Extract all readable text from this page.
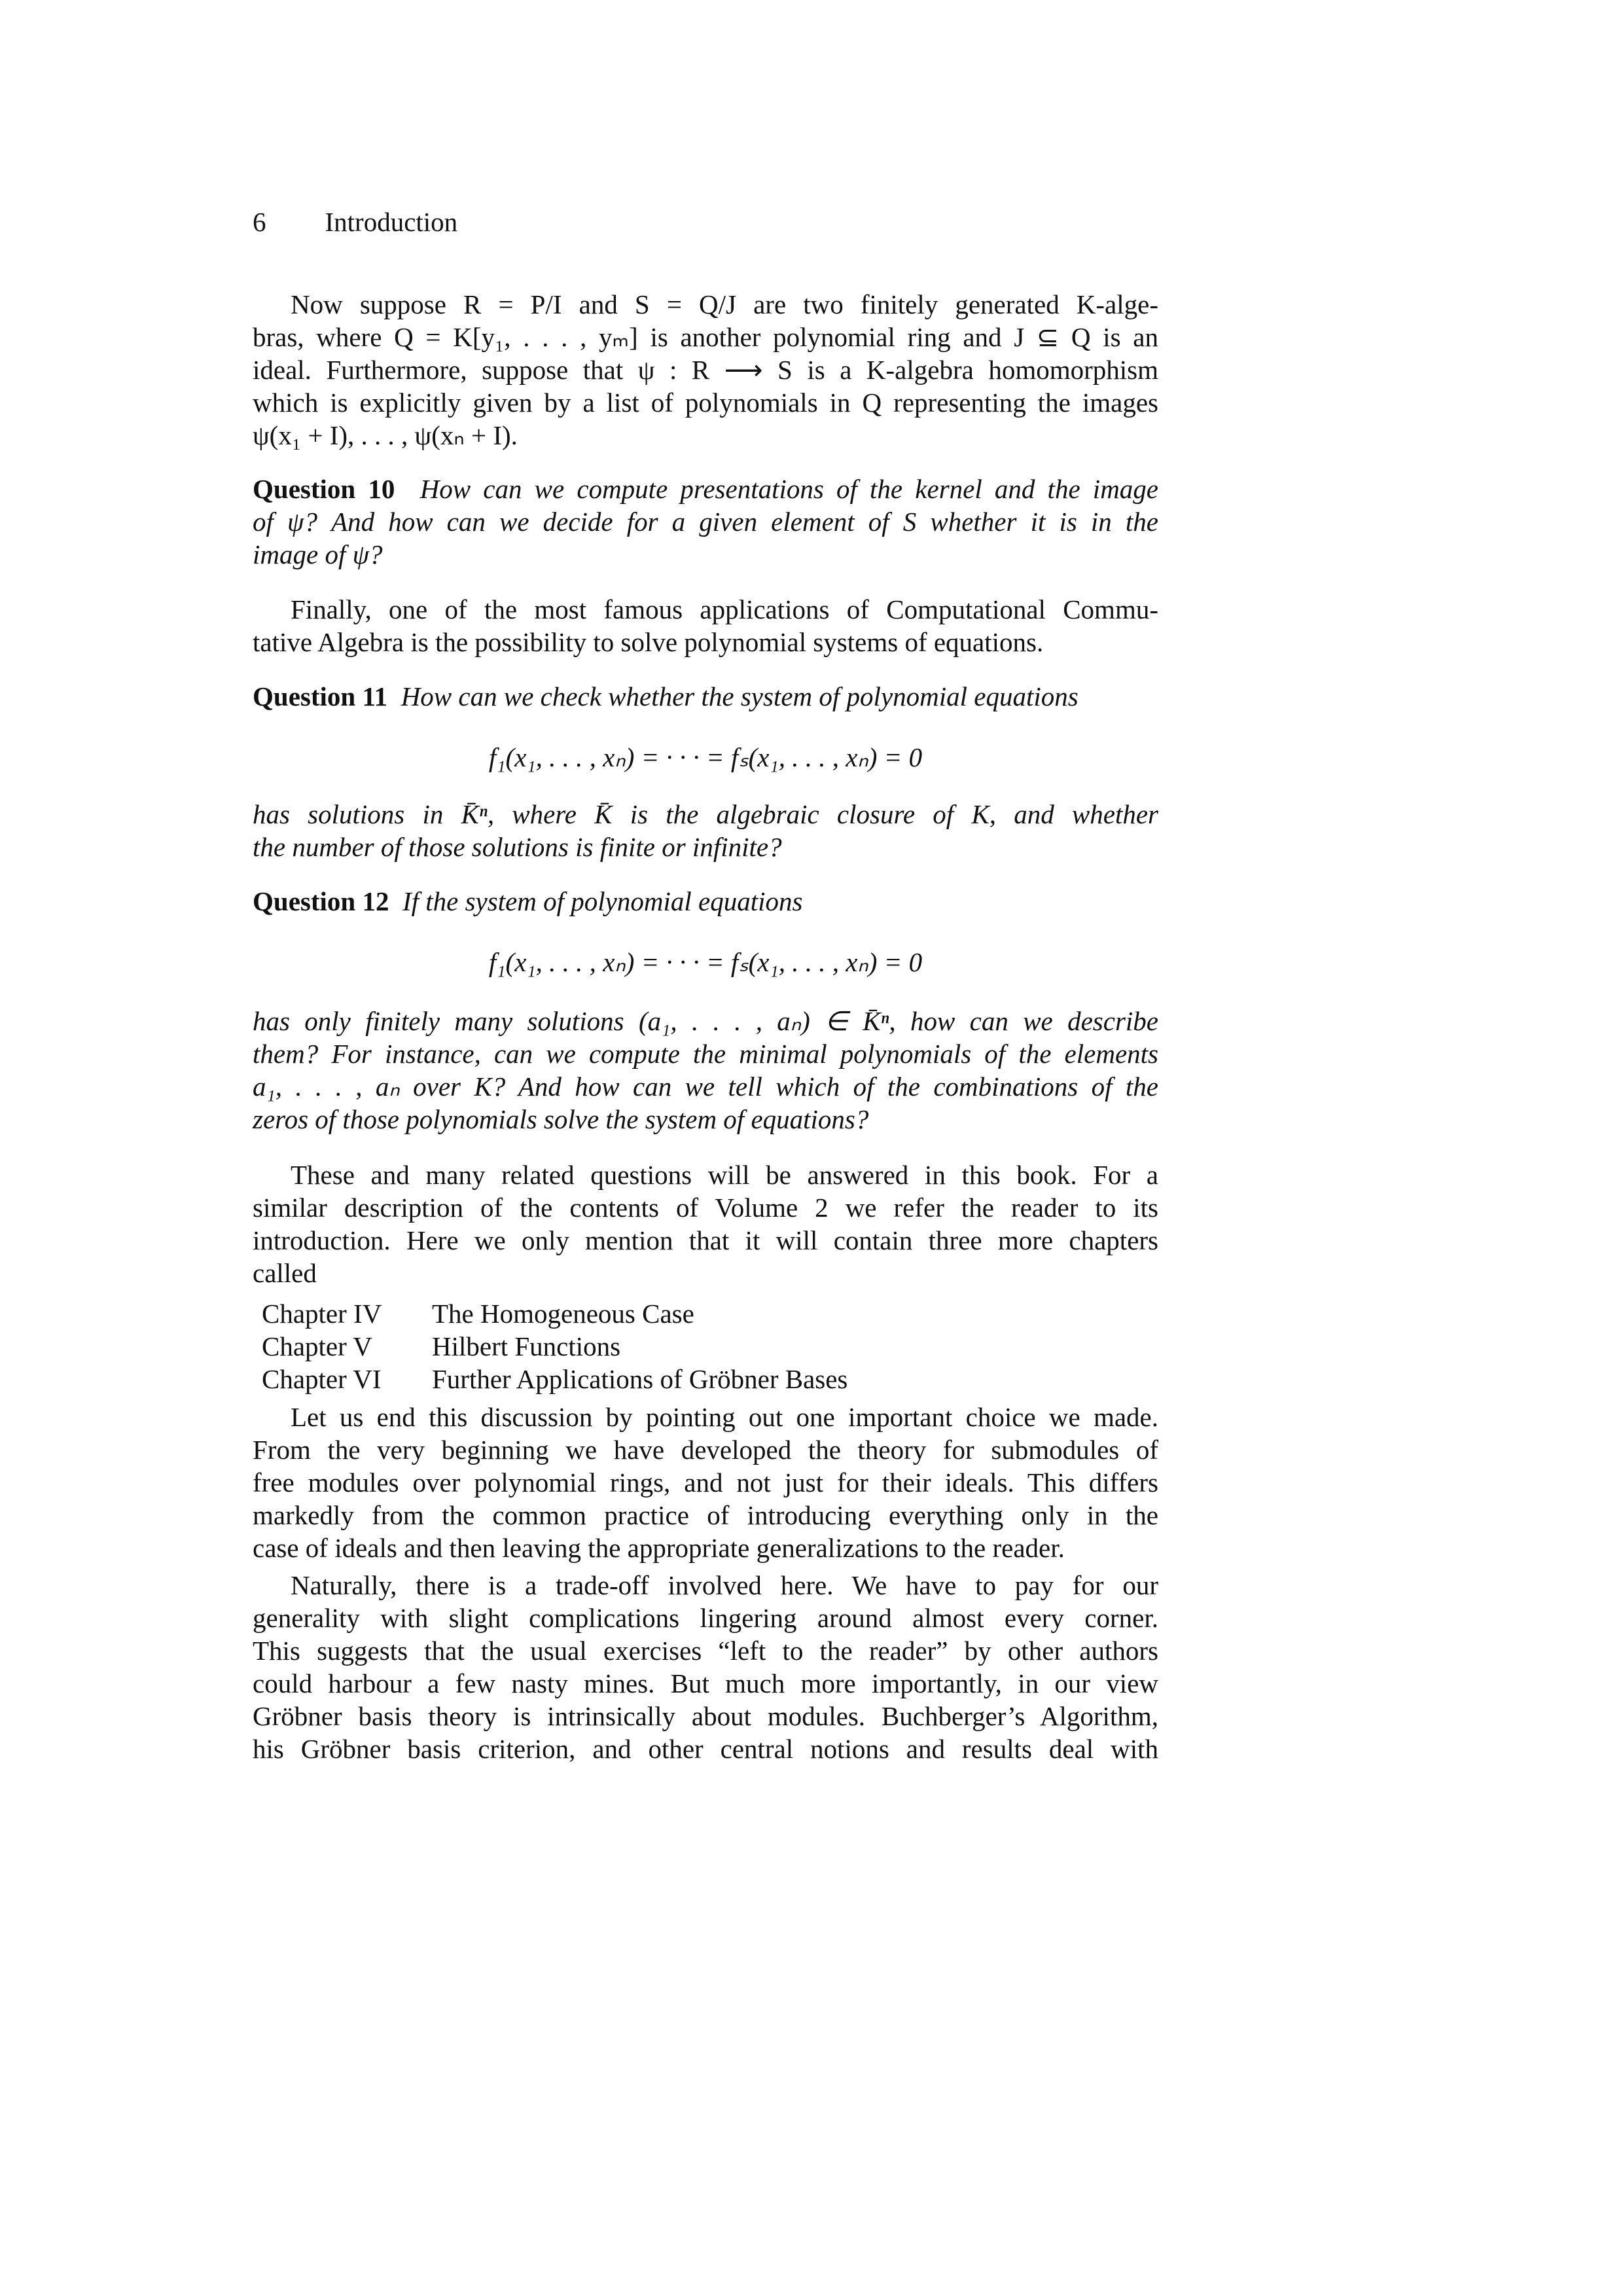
6 Introduction
Now suppose R = P/I and S = Q/J are two finitely generated K-alge-
bras, where Q = K[y₁, . . . , yₘ] is another polynomial ring and J ⊆ Q is an
ideal. Furthermore, suppose that ψ : R ⟶ S is a K-algebra homomorphism
which is explicitly given by a list of polynomials in Q representing the images
ψ(x₁ + I), . . . , ψ(xₙ + I).
Question 10 How can we compute presentations of the kernel and the image
of ψ? And how can we decide for a given element of S whether it is in the
image of ψ?
Finally, one of the most famous applications of Computational Commu-
tative Algebra is the possibility to solve polynomial systems of equations.
Question 11 How can we check whether the system of polynomial equations
f₁(x₁, . . . , xₙ) = · · · = fₛ(x₁, . . . , xₙ) = 0
has solutions in K̄ⁿ, where K̄ is the algebraic closure of K, and whether
the number of those solutions is finite or infinite?
Question 12 If the system of polynomial equations
f₁(x₁, . . . , xₙ) = · · · = fₛ(x₁, . . . , xₙ) = 0
has only finitely many solutions (a₁, . . . , aₙ) ∈ K̄ⁿ, how can we describe
them? For instance, can we compute the minimal polynomials of the elements
a₁, . . . , aₙ over K? And how can we tell which of the combinations of the
zeros of those polynomials solve the system of equations?
These and many related questions will be answered in this book. For a
similar description of the contents of Volume 2 we refer the reader to its
introduction. Here we only mention that it will contain three more chapters
called
Chapter IV	The Homogeneous Case
Chapter V	Hilbert Functions
Chapter VI	Further Applications of Gröbner Bases
Let us end this discussion by pointing out one important choice we made.
From the very beginning we have developed the theory for submodules of
free modules over polynomial rings, and not just for their ideals. This differs
markedly from the common practice of introducing everything only in the
case of ideals and then leaving the appropriate generalizations to the reader.
Naturally, there is a trade-off involved here. We have to pay for our
generality with slight complications lingering around almost every corner.
This suggests that the usual exercises “left to the reader” by other authors
could harbour a few nasty mines. But much more importantly, in our view
Gröbner basis theory is intrinsically about modules. Buchberger’s Algorithm,
his Gröbner basis criterion, and other central notions and results deal with
